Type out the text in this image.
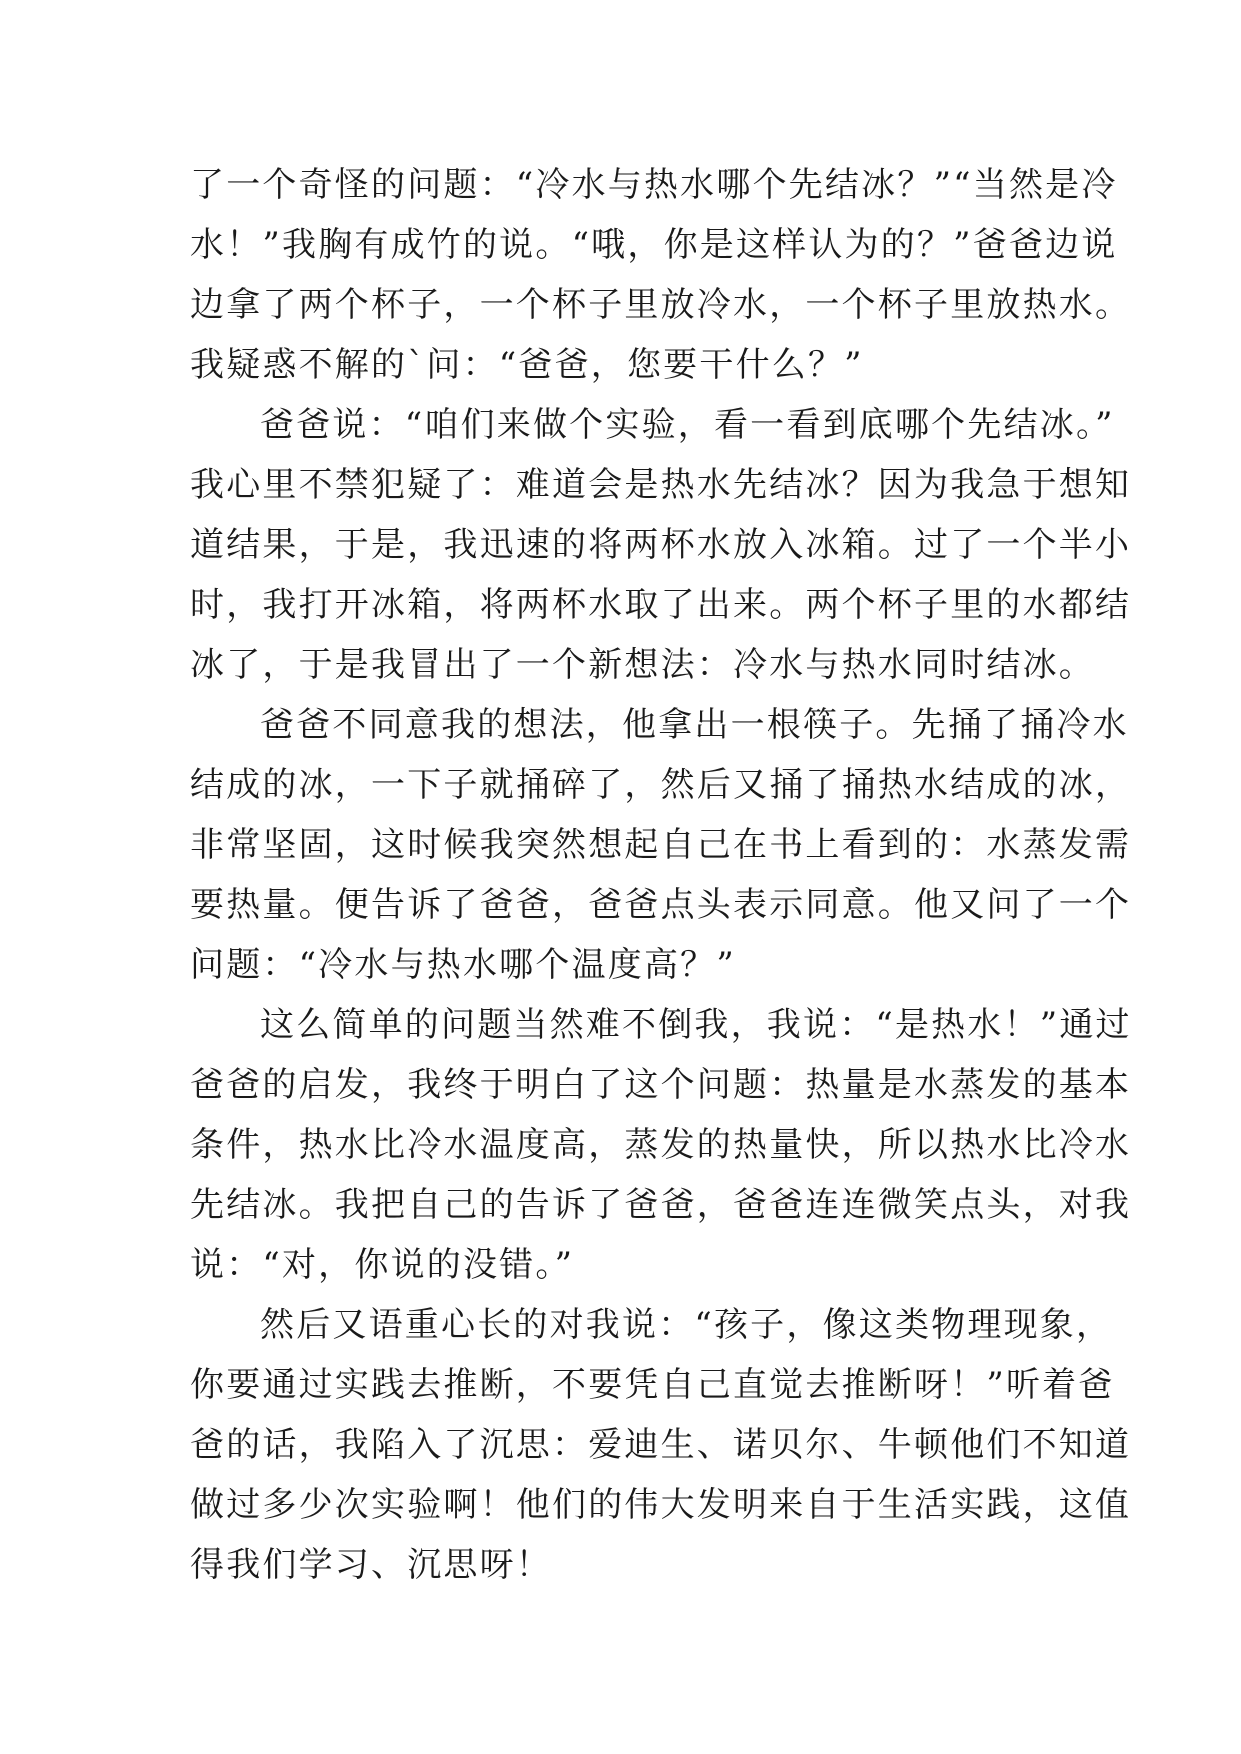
了一个奇怪的问题：“冷水与热水哪个先结冰？”“当然是冷
水！”我胸有成竹的说。“哦，你是这样认为的？”爸爸边说
边拿了两个杯子，一个杯子里放冷水，一个杯子里放热水。
我疑惑不解的`问：“爸爸，您要干什么？”
爸爸说：“咱们来做个实验，看一看到底哪个先结冰。”
我心里不禁犯疑了：难道会是热水先结冰？因为我急于想知
道结果，于是，我迅速的将两杯水放入冰箱。过了一个半小
时，我打开冰箱，将两杯水取了出来。两个杯子里的水都结
冰了，于是我冒出了一个新想法：冷水与热水同时结冰。
爸爸不同意我的想法，他拿出一根筷子。先捅了捅冷水
结成的冰，一下子就捅碎了，然后又捅了捅热水结成的冰，
非常坚固，这时候我突然想起自己在书上看到的：水蒸发需
要热量。便告诉了爸爸，爸爸点头表示同意。他又问了一个
问题：“冷水与热水哪个温度高？”
这么简单的问题当然难不倒我，我说：“是热水！”通过
爸爸的启发，我终于明白了这个问题：热量是水蒸发的基本
条件，热水比冷水温度高，蒸发的热量快，所以热水比冷水
先结冰。我把自己的告诉了爸爸，爸爸连连微笑点头，对我
说：“对，你说的没错。”
然后又语重心长的对我说：“孩子，像这类物理现象，
你要通过实践去推断，不要凭自己直觉去推断呀！”听着爸
爸的话，我陷入了沉思：爱迪生、诺贝尔、牛顿他们不知道
做过多少次实验啊！他们的伟大发明来自于生活实践，这值
得我们学习、沉思呀！
